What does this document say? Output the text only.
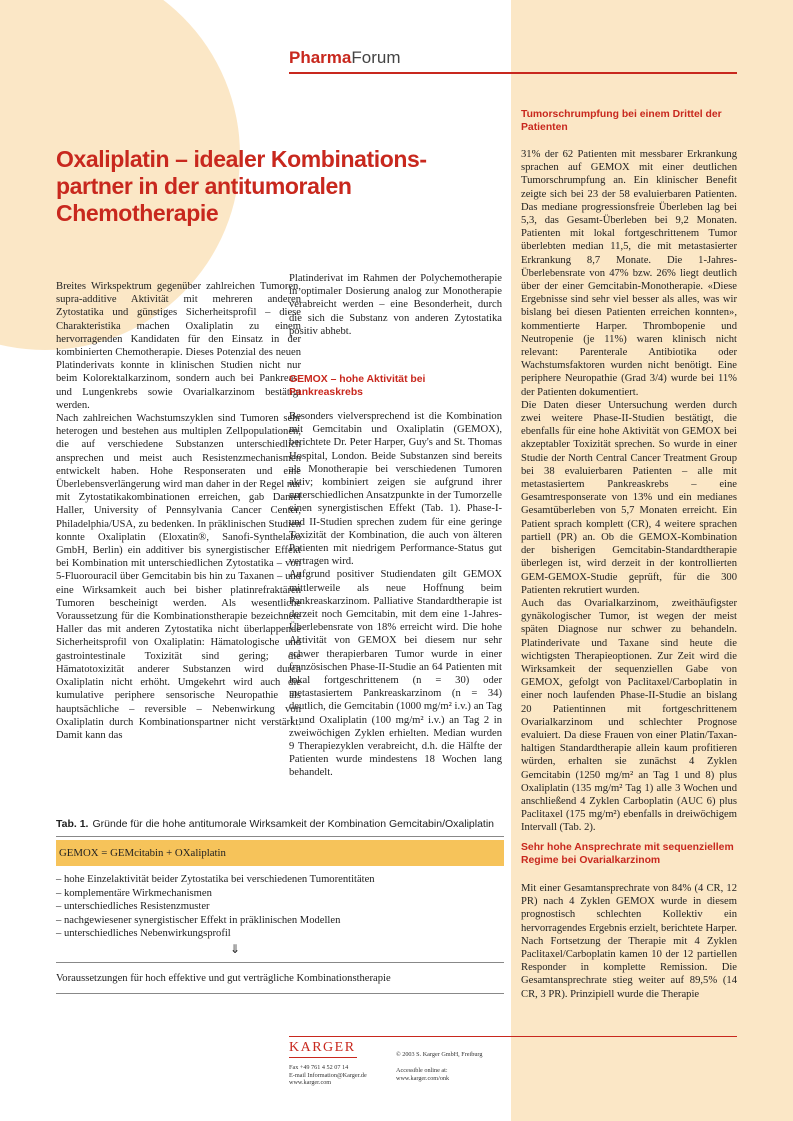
PharmaForum
Oxaliplatin – idealer Kombinations-partner in der antitumoralen Chemotherapie

Breites Wirkspektrum gegenüber zahlreichen Tumoren, supra-additive Aktivität mit mehreren anderen Zytostatika und günstiges Sicherheitsprofil – diese Charakteristika machen Oxaliplatin zu einem hervorragenden Kandidaten für den Einsatz in der kombinierten Chemotherapie. Dieses Potenzial des neuen Platinderivats konnte in klinischen Studien nicht nur beim Kolorektalkarzinom, sondern auch bei Pankreas- und Lungenkrebs sowie Ovarialkarzinom bestätigt werden.

Nach zahlreichen Wachstumszyklen sind Tumoren sehr heterogen und bestehen aus multiplen Zellpopulationen, die auf verschiedene Substanzen unterschiedlich ansprechen und meist auch Resistenzmechanismen entwickelt haben. Hohe Responseraten und eine Überlebensverlängerung wird man daher in der Regel nur mit Zytostatikakombinationen erreichen, gab Daniel Haller, University of Pennsylvania Cancer Center, Philadelphia/USA, zu bedenken. In präklinischen Studien konnte Oxaliplatin (Eloxatin®, Sanofi-Synthelabo GmbH, Berlin) ein additiver bis synergistischer Effekt bei Kombination mit unterschiedlichen Zytostatika – von 5-Fluorouracil über Gemcitabin bis hin zu Taxanen – und eine Wirksamkeit auch bei bisher platinrefraktären Tumoren bescheinigt werden. Als wesentliche Voraussetzung für die Kombinationstherapie bezeichnete Haller das mit anderen Zytostatika nicht überlappende Sicherheitsprofil von Oxaliplatin: Hämatologische und gastrointestinale Toxizität sind gering; die Hämatotoxizität anderer Substanzen wird durch Oxaliplatin nicht erhöht. Umgekehrt wird auch die kumulative periphere sensorische Neuropathie als hauptsächliche – reversible – Nebenwirkung von Oxaliplatin durch Kombinationspartner nicht verstärkt. Damit kann das

Platinderivat im Rahmen der Polychemotherapie in optimaler Dosierung analog zur Monotherapie verabreicht werden – eine Besonderheit, durch die sich die Substanz von anderen Zytostatika positiv abhebt.

GEMOX – hohe Aktivität bei Pankreaskrebs

Besonders vielversprechend ist die Kombination mit Gemcitabin und Oxaliplatin (GEMOX), berichtete Dr. Peter Harper, Guy's and St. Thomas Hospital, London. Beide Substanzen sind bereits als Monotherapie bei verschiedenen Tumoren aktiv; kombiniert zeigen sie aufgrund ihrer unterschiedlichen Ansatzpunkte in der Tumorzelle einen synergistischen Effekt (Tab. 1). Phase-I- und II-Studien sprechen zudem für eine geringe Toxizität der Kombination, die auch von älteren Patienten mit niedrigem Performance-Status gut vertragen wird.

Aufgrund positiver Studiendaten gilt GEMOX mittlerweile als neue Hoffnung beim Pankreaskarzinom. Palliative Standardtherapie ist derzeit noch Gemcitabin, mit dem eine 1-Jahres-Überlebensrate von 18% erreicht wird. Die hohe Aktivität von GEMOX bei diesem nur sehr schwer therapierbaren Tumor wurde in einer französischen Phase-II-Studie an 64 Patienten mit lokal fortgeschrittenem (n = 30) oder metastasiertem Pankreaskarzinom (n = 34) deutlich, die Gemcitabin (1000 mg/m² i.v.) an Tag 1 und Oxaliplatin (100 mg/m² i.v.) an Tag 2 in zweiwöchigen Zyklen erhielten. Median wurden 9 Therapiezyklen verabreicht, d.h. die Hälfte der Patienten wurde mindestens 18 Wochen lang behandelt.

Tumorschrumpfung bei einem Drittel der Patienten

31% der 62 Patienten mit messbarer Erkrankung sprachen auf GEMOX mit einer deutlichen Tumorschrumpfung an. Ein klinischer Benefit zeigte sich bei 23 der 58 evaluierbaren Patienten. Das mediane progressionsfreie Überleben lag bei 5,3, das Gesamt-Überleben bei 9,2 Monaten. Patienten mit lokal fortgeschrittenem Tumor überlebten median 11,5, die mit metastasierter Erkrankung 8,7 Monate. Die 1-Jahres-Überlebensrate von 47% bzw. 26% liegt deutlich über der einer Gemcitabin-Monotherapie. «Diese Ergebnisse sind sehr viel besser als alles, was wir bislang bei diesen Patienten erreichen konnten», kommentierte Harper. Thrombopenie und Neutropenie (je 11%) waren klinisch nicht relevant: Parenterale Antibiotika oder Wachstumsfaktoren wurden nicht benötigt. Eine periphere Neuropathie (Grad 3/4) wurde bei 11% der Patienten dokumentiert.

Die Daten dieser Untersuchung werden durch zwei weitere Phase-II-Studien bestätigt, die ebenfalls für eine hohe Aktivität von GEMOX bei akzeptabler Toxizität sprechen. So wurde in einer Studie der North Central Cancer Treatment Group bei 38 evaluierbaren Patienten – alle mit metastasiertem Pankreaskrebs – eine Gesamtresponserate von 13% und ein medianes Gesamtüberleben von 5,7 Monaten erreicht. Ein Patient sprach komplett (CR), 4 weitere sprachen partiell (PR) an. Ob die GEMOX-Kombination der bisherigen Gemcitabin-Standardtherapie überlegen ist, wird derzeit in der kontrollierten GEM-GEMOX-Studie geprüft, für die 300 Patienten rekrutiert wurden.

Auch das Ovarialkarzinom, zweithäufigster gynäkologischer Tumor, ist wegen der meist späten Diagnose nur schwer zu behandeln. Platinderivate und Taxane sind heute die wichtigsten Therapieoptionen. Zur Zeit wird die Wirksamkeit der sequenziellen Gabe von GEMOX, gefolgt von Paclitaxel/Carboplatin in einer noch laufenden Phase-II-Studie an bislang 20 Patientinnen mit fortgeschrittenem Ovarialkarzinom und schlechter Prognose evaluiert. Da diese Frauen von einer Platin/Taxan-haltigen Standardtherapie allein kaum profitieren würden, erhalten sie zunächst 4 Zyklen Gemcitabin (1250 mg/m² an Tag 1 und 8) plus Oxaliplatin (135 mg/m² Tag 1) alle 3 Wochen und anschließend 4 Zyklen Carboplatin (AUC 6) plus Paclitaxel (175 mg/m²) ebenfalls in dreiwöchigem Intervall (Tab. 2).

Sehr hohe Ansprechrate mit sequenziellem Regime bei Ovarialkarzinom

Mit einer Gesamtansprechrate von 84% (4 CR, 12 PR) nach 4 Zyklen GEMOX wurde in diesem prognostisch schlechten Kollektiv ein hervorragendes Ergebnis erzielt, berichtete Harper. Nach Fortsetzung der Therapie mit 4 Zyklen Paclitaxel/Carboplatin kamen 10 der 12 partiellen Responder in komplette Remission. Die Gesamtansprechrate stieg weiter auf 89,5% (14 CR, 3 PR). Prinzipiell wurde die Therapie

Tab. 1. Gründe für die hohe antitumorale Wirksamkeit der Kombination Gemcitabin/Oxaliplatin
GEMOX = GEMcitabin + OXaliplatin
– hohe Einzelaktivität beider Zytostatika bei verschiedenen Tumorentitäten
– komplementäre Wirkmechanismen
– unterschiedliches Resistenzmuster
– nachgewiesener synergistischer Effekt in präklinischen Modellen
– unterschiedliches Nebenwirkungsprofil
⇓
Voraussetzungen für hoch effektive und gut verträgliche Kombinationstherapie
KARGER	© 2003 S. Karger GmbH, Freiburg
Fax +49 761 4 52 07 14
E-mail Information@Karger.de
www.karger.com
Accessible online at:
www.karger.com/onk
